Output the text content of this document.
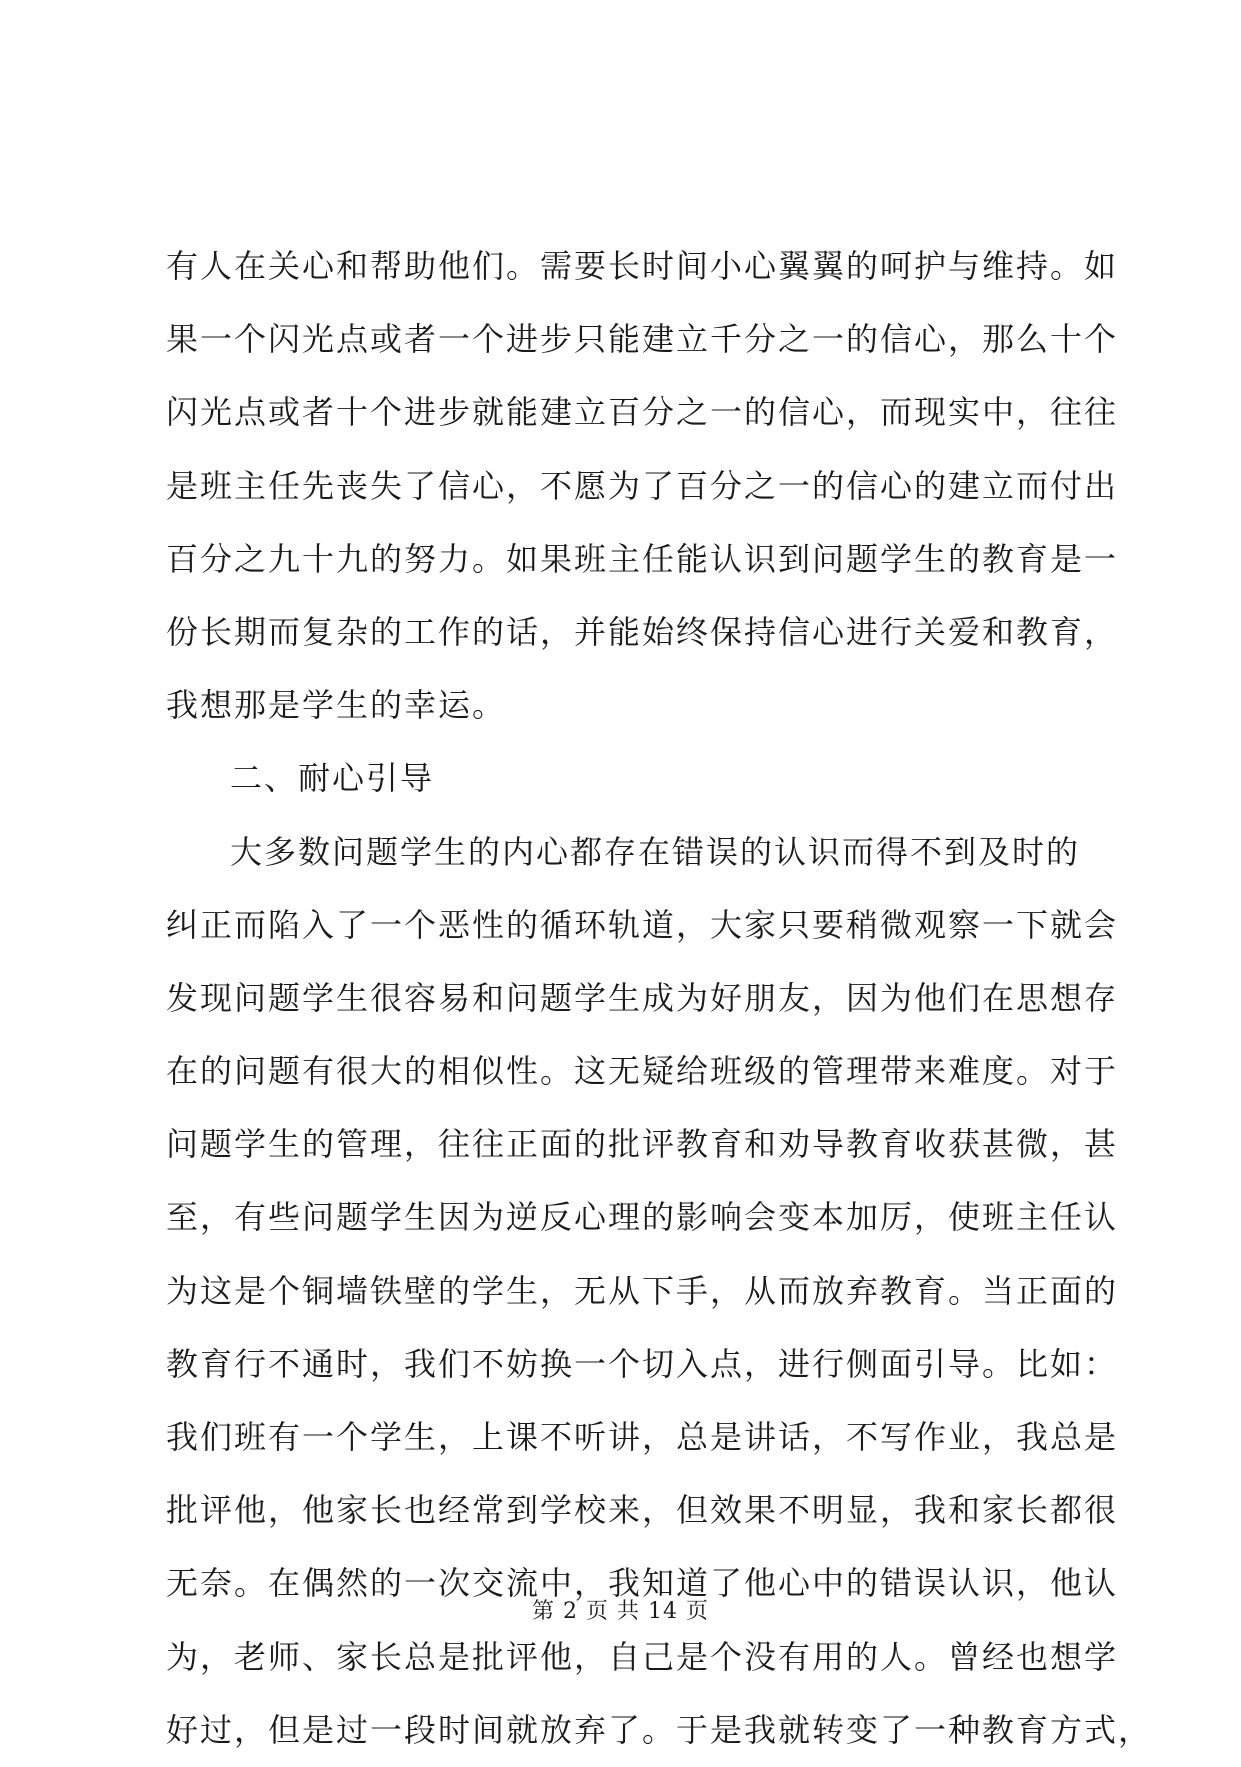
有人在关心和帮助他们。需要长时间小心翼翼的呵护与维持。如
果一个闪光点或者一个进步只能建立千分之一的信心，那么十个
闪光点或者十个进步就能建立百分之一的信心，而现实中，往往
是班主任先丧失了信心，不愿为了百分之一的信心的建立而付出
百分之九十九的努力。如果班主任能认识到问题学生的教育是一
份长期而复杂的工作的话，并能始终保持信心进行关爱和教育，
我想那是学生的幸运。
二、耐心引导
大多数问题学生的内心都存在错误的认识而得不到及时的
纠正而陷入了一个恶性的循环轨道，大家只要稍微观察一下就会
发现问题学生很容易和问题学生成为好朋友，因为他们在思想存
在的问题有很大的相似性。这无疑给班级的管理带来难度。对于
问题学生的管理，往往正面的批评教育和劝导教育收获甚微，甚
至，有些问题学生因为逆反心理的影响会变本加厉，使班主任认
为这是个铜墙铁壁的学生，无从下手，从而放弃教育。当正面的
教育行不通时，我们不妨换一个切入点，进行侧面引导。比如：
我们班有一个学生，上课不听讲，总是讲话，不写作业，我总是
批评他，他家长也经常到学校来，但效果不明显，我和家长都很
无奈。在偶然的一次交流中，我知道了他心中的错误认识，他认
为，老师、家长总是批评他，自己是个没有用的人。曾经也想学
好过，但是过一段时间就放弃了。于是我就转变了一种教育方式，
第 2 页 共 14 页
